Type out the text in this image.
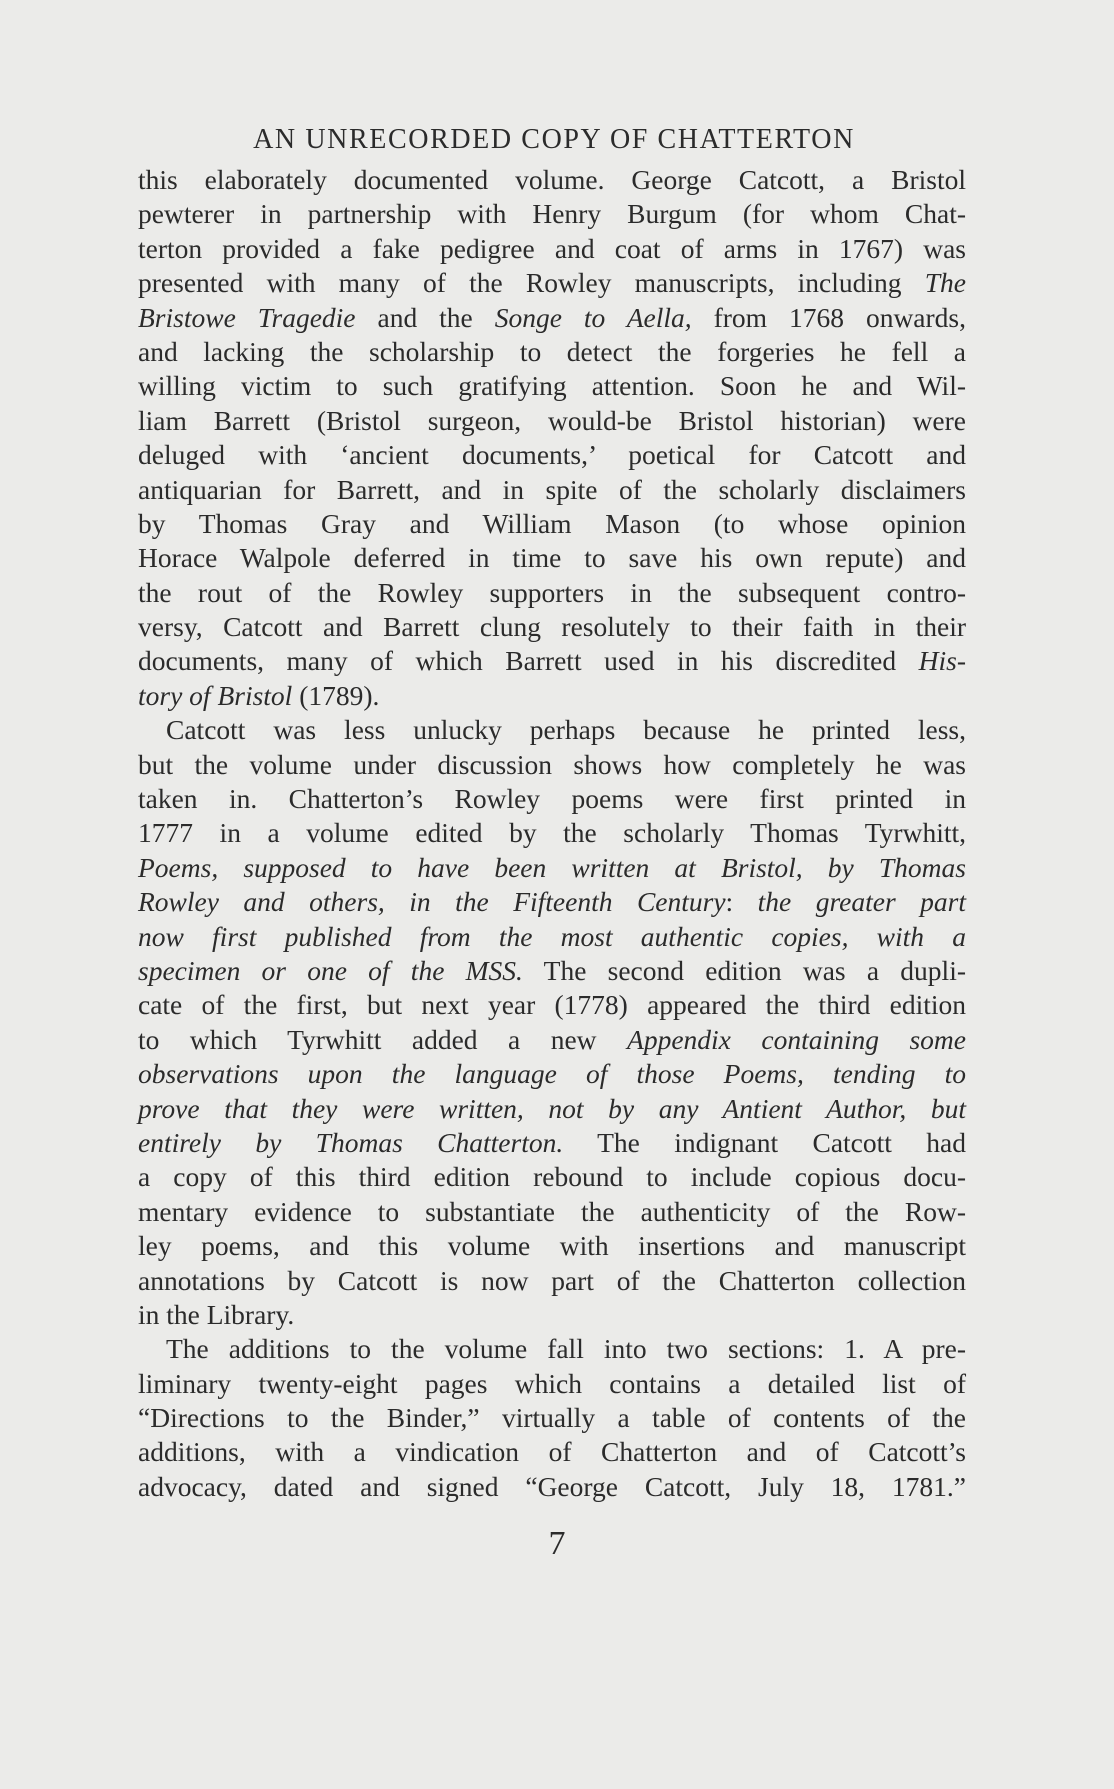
AN UNRECORDED COPY OF CHATTERTON
this elaborately documented volume. George Catcott, a Bristol
pewterer in partnership with Henry Burgum (for whom Chat-
terton provided a fake pedigree and coat of arms in 1767) was
presented with many of the Rowley manuscripts, including The
Bristowe Tragedie and the Songe to Aella, from 1768 onwards,
and lacking the scholarship to detect the forgeries he fell a
willing victim to such gratifying attention. Soon he and Wil-
liam Barrett (Bristol surgeon, would-be Bristol historian) were
deluged with ‘ancient documents,’ poetical for Catcott and
antiquarian for Barrett, and in spite of the scholarly disclaimers
by Thomas Gray and William Mason (to whose opinion
Horace Walpole deferred in time to save his own repute) and
the rout of the Rowley supporters in the subsequent contro-
versy, Catcott and Barrett clung resolutely to their faith in their
documents, many of which Barrett used in his discredited His-
tory of Bristol (1789).
Catcott was less unlucky perhaps because he printed less,
but the volume under discussion shows how completely he was
taken in. Chatterton’s Rowley poems were first printed in
1777 in a volume edited by the scholarly Thomas Tyrwhitt,
Poems, supposed to have been written at Bristol, by Thomas
Rowley and others, in the Fifteenth Century: the greater part
now first published from the most authentic copies, with a
specimen or one of the MSS. The second edition was a dupli-
cate of the first, but next year (1778) appeared the third edition
to which Tyrwhitt added a new Appendix containing some
observations upon the language of those Poems, tending to
prove that they were written, not by any Antient Author, but
entirely by Thomas Chatterton. The indignant Catcott had
a copy of this third edition rebound to include copious docu-
mentary evidence to substantiate the authenticity of the Row-
ley poems, and this volume with insertions and manuscript
annotations by Catcott is now part of the Chatterton collection
in the Library.
The additions to the volume fall into two sections: 1. A pre-
liminary twenty-eight pages which contains a detailed list of
“Directions to the Binder,” virtually a table of contents of the
additions, with a vindication of Chatterton and of Catcott’s
advocacy, dated and signed “George Catcott, July 18, 1781.”
7
